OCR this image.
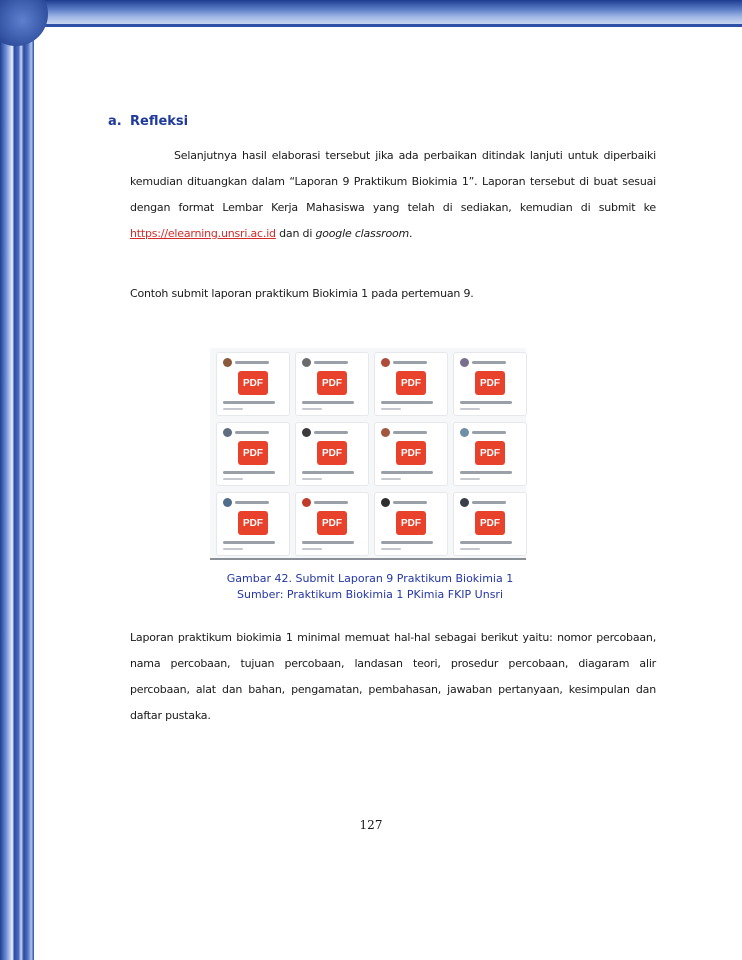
a. Refleksi
Selanjutnya hasil elaborasi tersebut jika ada perbaikan ditindak lanjuti untuk diperbaiki kemudian dituangkan dalam “Laporan 9 Praktikum Biokimia 1”. Laporan tersebut di buat sesuai dengan format Lembar Kerja Mahasiswa yang telah di sediakan, kemudian di submit ke https://elearning.unsri.ac.id dan di google classroom.
Contoh submit laporan praktikum Biokimia 1 pada pertemuan 9.
PDF	PDF	PDF	PDF
PDF	PDF	PDF	PDF
PDF	PDF	PDF	PDF
Gambar 42. Submit Laporan 9 Praktikum Biokimia 1
Sumber: Praktikum Biokimia 1 PKimia FKIP Unsri
Laporan praktikum biokimia 1 minimal memuat hal-hal sebagai berikut yaitu: nomor percobaan, nama percobaan, tujuan percobaan, landasan teori, prosedur percobaan, diagaram alir percobaan, alat dan bahan, pengamatan, pembahasan, jawaban pertanyaan, kesimpulan dan daftar pustaka.
127
